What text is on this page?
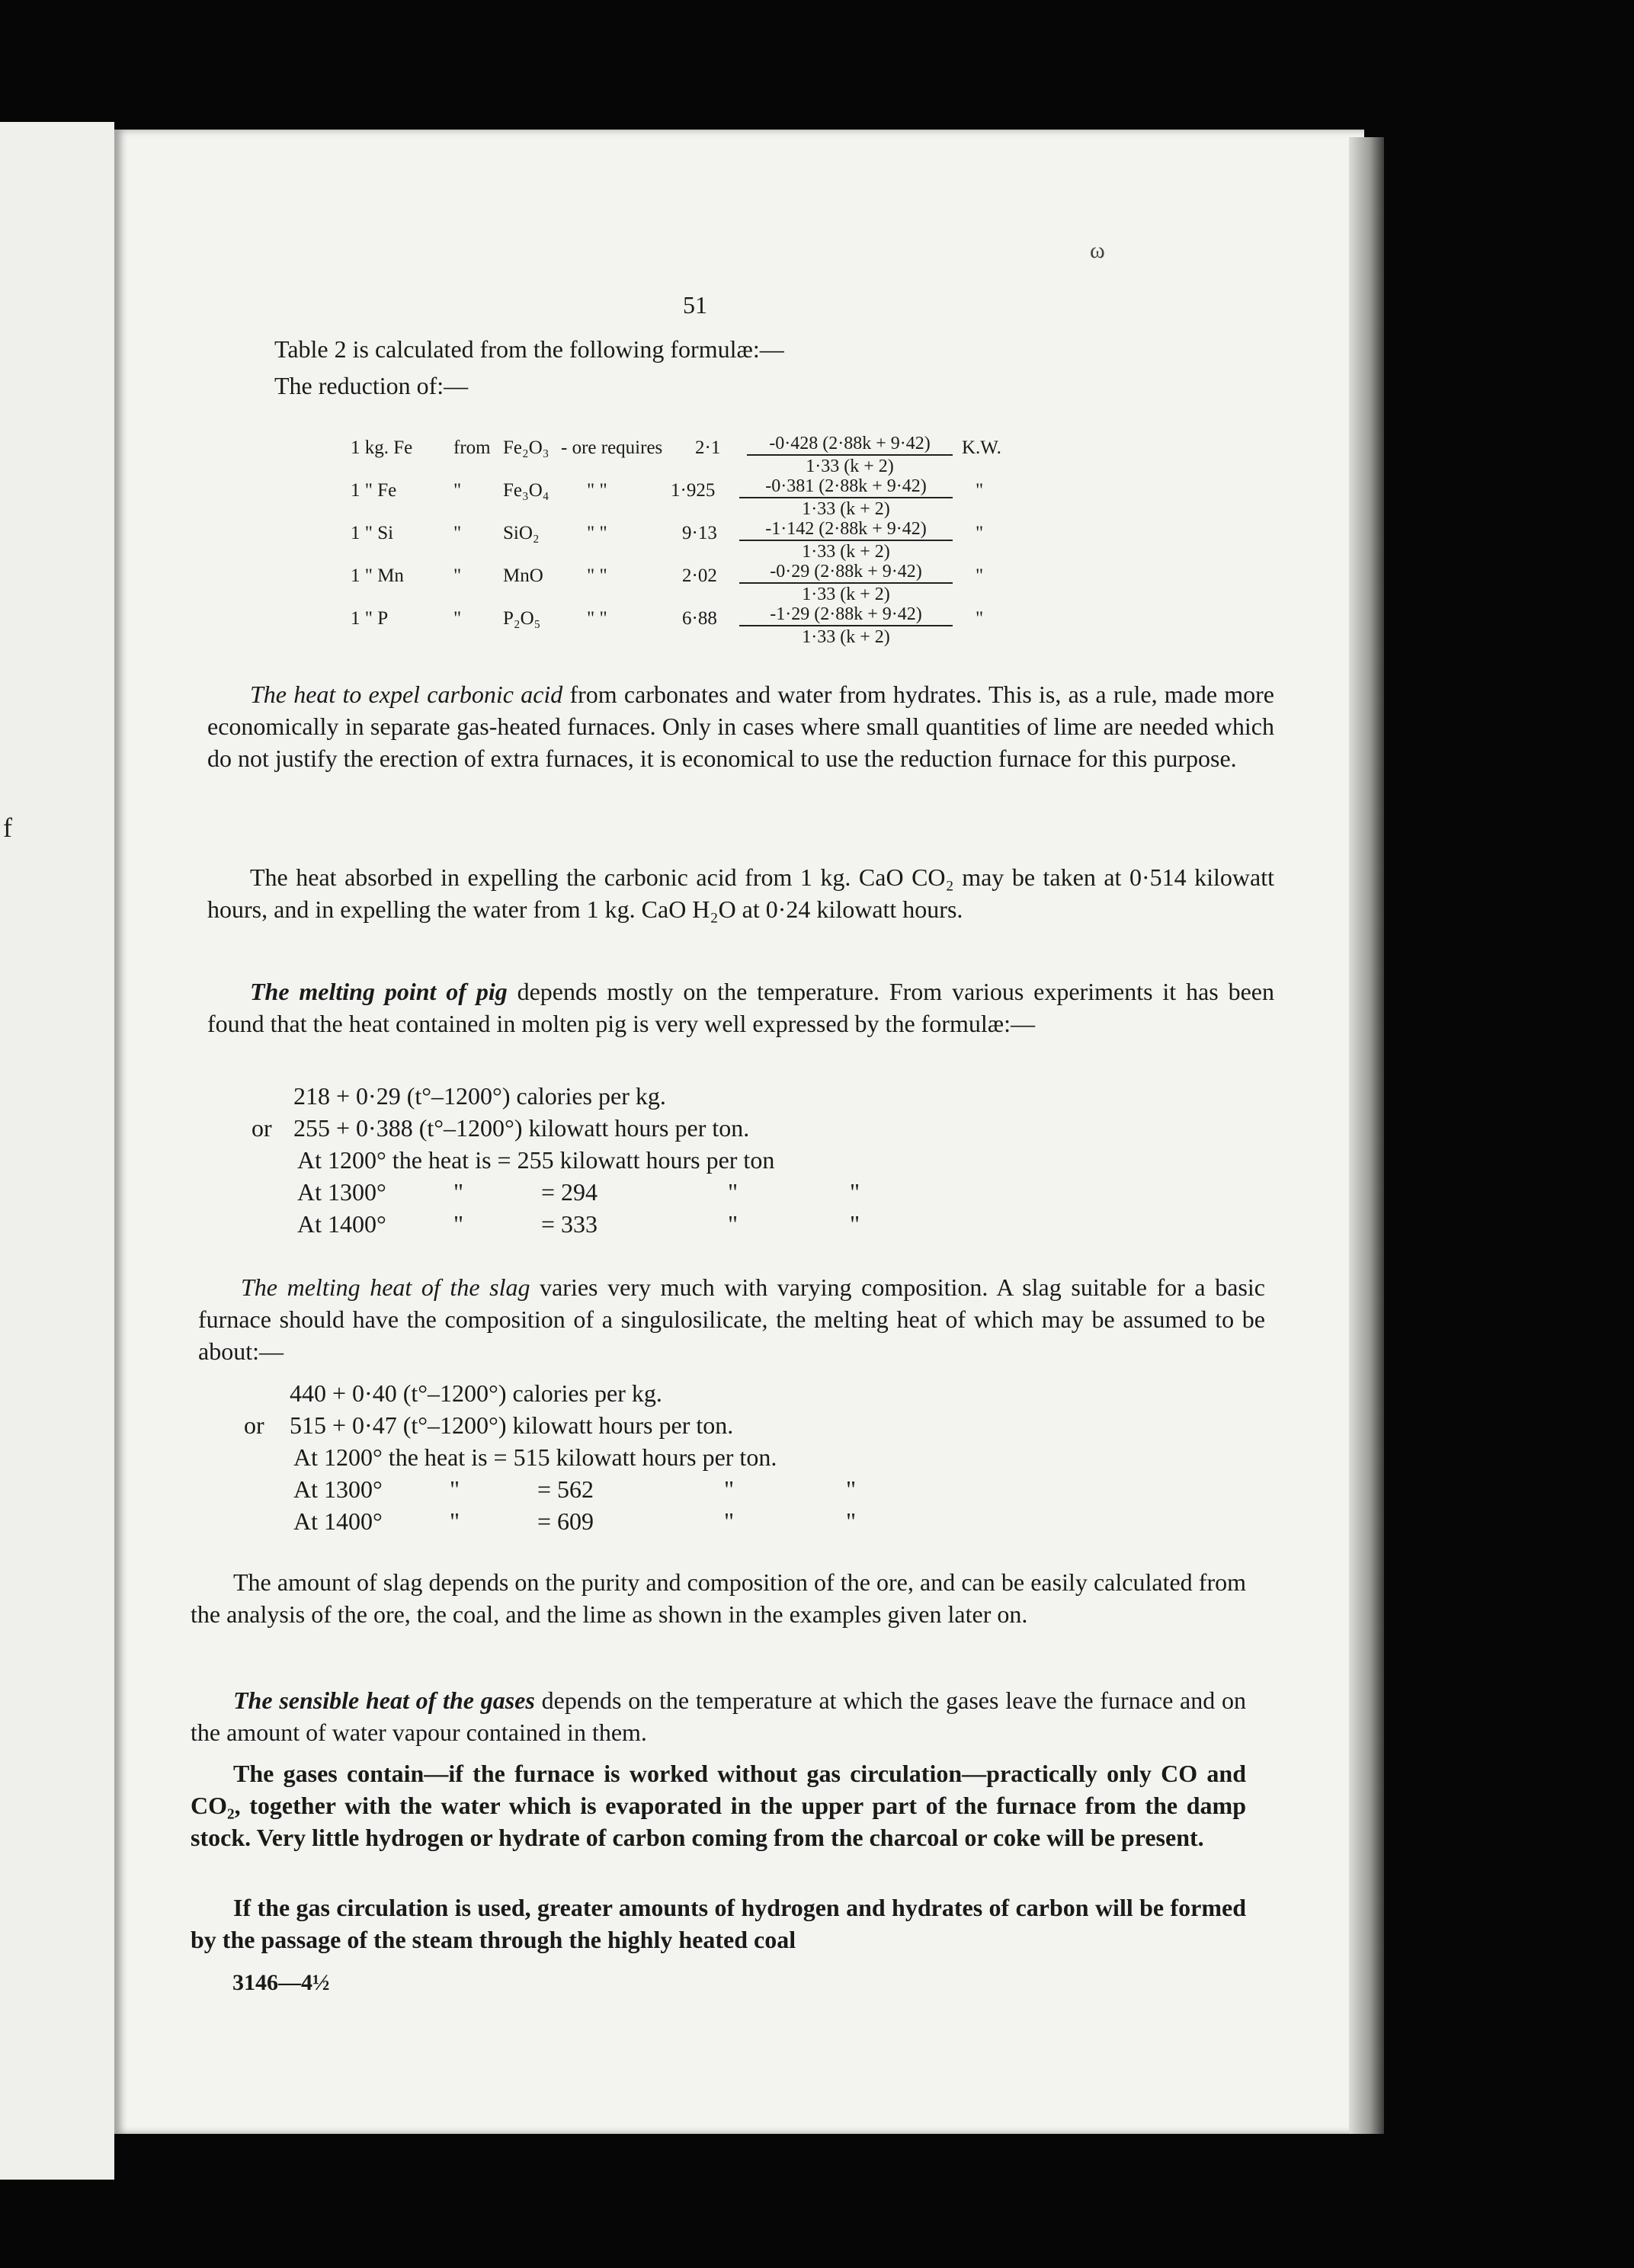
f
ω
51
Table 2 is calculated from the following formulæ:—
The reduction of:—
1 kg. Fe from Fe₂O₃ - ore requires $2\cdot 1 \frac{-0\cdot 428 (2\cdot 88k + 9\cdot 42)}{1\cdot 33 (k + 2)} K.W$.
1 " Fe	" Fe₃O₄ " "	$1\cdot 925 \frac{-0\cdot 381 (2\cdot 88k + 9\cdot 42)}{1\cdot 33 (k + 2)}$ "
1 " Si	" SiO₂ " "	$9\cdot 13 \frac{-1\cdot 142 (2\cdot 88k + 9\cdot 42)}{1\cdot 33 (k + 2)}$ "
1 " Mn	" MnO " "	$2\cdot 02 \frac{-0\cdot 29 (2\cdot 88k + 9\cdot 42)}{1\cdot 33 (k + 2)}$ "
1 " P	" P₂O₅ " "	$6\cdot 88 \frac{-1\cdot 29 (2\cdot 88k + 9\cdot 42)}{1\cdot 33 (k + 2)}$ "

The heat to expel carbonic acid from carbonates and water from hydrates. This is, as a rule, made more economically in separate gas-heated furnaces. Only in cases where small quantities of lime are needed which do not justify the erection of extra furnaces, it is economical to use the reduction furnace for this purpose.

The heat absorbed in expelling the carbonic acid from 1 kg. CaO CO₂ may be taken at 0·514 kilowatt hours, and in expelling the water from 1 kg. CaO H₂O at 0·24 kilowatt hours.

The melting point of pig depends mostly on the temperature. From various experiments it has been found that the heat contained in molten pig is very well expressed by the formulæ:—

218 + 0·29 (t°–1200°) calories per kg.
or 255 + 0·388 (t°–1200°) kilowatt hours per ton.
At 1200° the heat is = 255 kilowatt hours per ton
At 1300°	"	= 294	"	"
At 1400°	"	= 333	"	"

The melting heat of the slag varies very much with varying composition. A slag suitable for a basic furnace should have the composition of a singulosilicate, the melting heat of which may be assumed to be about:—

440 + 0·40 (t°–1200°) calories per kg.
or 515 + 0·47 (t°–1200°) kilowatt hours per ton.
At 1200° the heat is = 515 kilowatt hours per ton.
At 1300°	"	= 562	"	"
At 1400°	"	= 609	"	"

The amount of slag depends on the purity and composition of the ore, and can be easily calculated from the analysis of the ore, the coal, and the lime as shown in the examples given later on.

The sensible heat of the gases depends on the temperature at which the gases leave the furnace and on the amount of water vapour contained in them.

The gases contain—if the furnace is worked without gas circulation—practically only CO and CO₂, together with the water which is evaporated in the upper part of the furnace from the damp stock. Very little hydrogen or hydrate of carbon coming from the charcoal or coke will be present.

If the gas circulation is used, greater amounts of hydrogen and hydrates of carbon will be formed by the passage of the steam through the highly heated coal

3146—4½
